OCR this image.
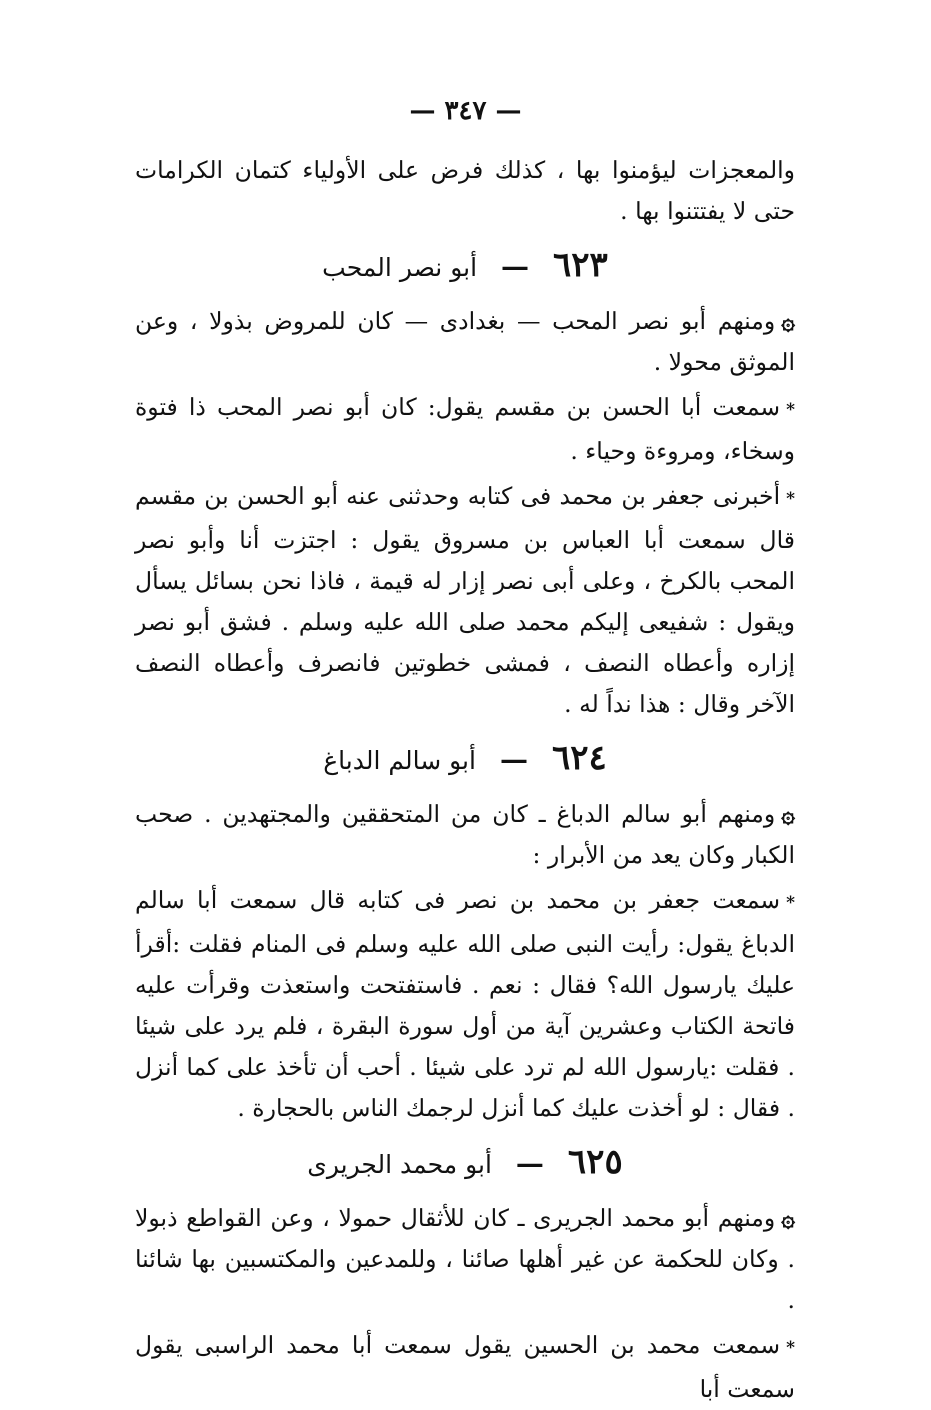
— ٣٤٧ —

والمعجزات ليؤمنوا بها ، كذلك فرض على الأولياء كتمان الكرامات حتى لا يفتتنوا بها .

٦٢٣—أبو نصر المحب

۞ومنهم أبو نصر المحب — بغدادى — كان للمروض بذولا ، وعن الموثق محولا .

*سمعت أبا الحسن بن مقسم يقول: كان أبو نصر المحب ذا فتوة وسخاء، ومروءة وحياء .

*أخبرنى جعفر بن محمد فى كتابه وحدثنى عنه أبو الحسن بن مقسم قال سمعت أبا العباس بن مسروق يقول : اجتزت أنا وأبو نصر المحب بالكرخ ، وعلى أبى نصر إزار له قيمة ، فاذا نحن بسائل يسأل ويقول : شفيعى إليكم محمد صلى الله عليه وسلم . فشق أبو نصر إزاره وأعطاه النصف ، فمشى خطوتين فانصرف وأعطاه النصف الآخر وقال : هذا نداً له .

٦٢٤—أبو سالم الدباغ

۞ومنهم أبو سالم الدباغ ـ كان من المتحققين والمجتهدين . صحب الكبار وكان يعد من الأبرار :

*سمعت جعفر بن محمد بن نصر فى كتابه قال سمعت أبا سالم الدباغ يقول: رأيت النبى صلى الله عليه وسلم فى المنام فقلت :أقرأ عليك يارسول الله؟ فقال : نعم . فاستفتحت واستعذت وقرأت عليه فاتحة الكتاب وعشرين آية من أول سورة البقرة ، فلم يرد على شيئا . فقلت :يارسول الله لم ترد على شيئا . أحب أن تأخذ على كما أنزل . فقال : لو أخذت عليك كما أنزل لرجمك الناس بالحجارة .

٦٢٥—أبو محمد الجريرى

۞ومنهم أبو محمد الجريرى ـ كان للأثقال حمولا ، وعن القواطع ذبولا . وكان للحكمة عن غير أهلها صائنا ، وللمدعين والمكتسبين بها شائنا .

*سمعت محمد بن الحسين يقول سمعت أبا محمد الراسبى يقول سمعت أبا
